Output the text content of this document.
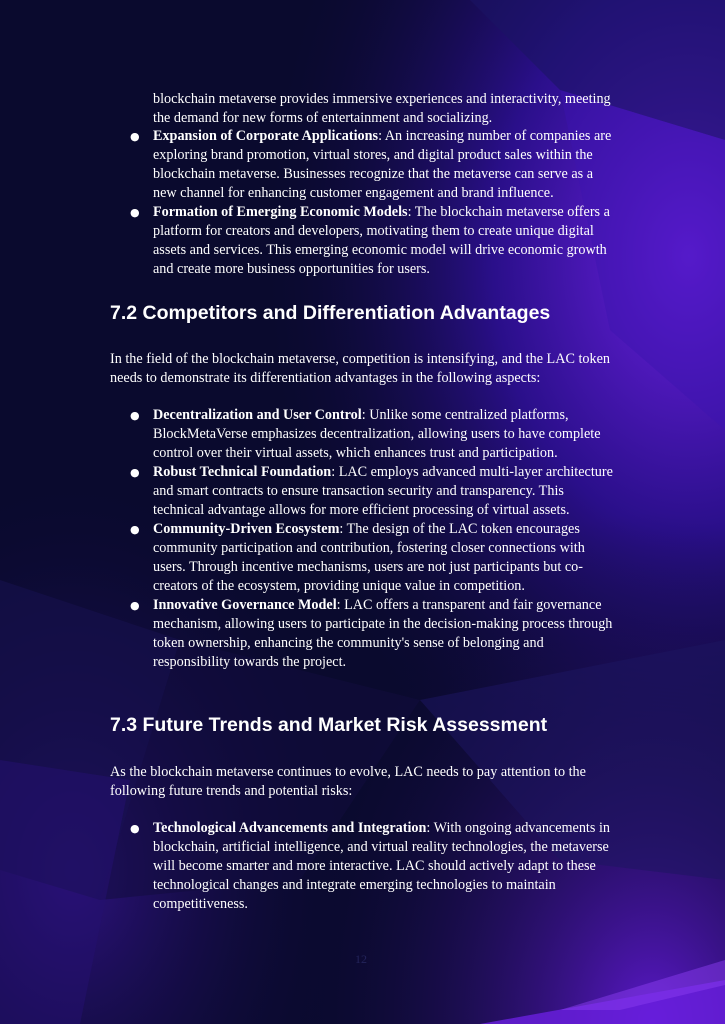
blockchain metaverse provides immersive experiences and interactivity, meeting the demand for new forms of entertainment and socializing.
● Expansion of Corporate Applications: An increasing number of companies are exploring brand promotion, virtual stores, and digital product sales within the blockchain metaverse. Businesses recognize that the metaverse can serve as a new channel for enhancing customer engagement and brand influence.
● Formation of Emerging Economic Models: The blockchain metaverse offers a platform for creators and developers, motivating them to create unique digital assets and services. This emerging economic model will drive economic growth and create more business opportunities for users.
7.2 Competitors and Differentiation Advantages
In the field of the blockchain metaverse, competition is intensifying, and the LAC token needs to demonstrate its differentiation advantages in the following aspects:
● Decentralization and User Control: Unlike some centralized platforms, BlockMetaVerse emphasizes decentralization, allowing users to have complete control over their virtual assets, which enhances trust and participation.
● Robust Technical Foundation: LAC employs advanced multi-layer architecture and smart contracts to ensure transaction security and transparency. This technical advantage allows for more efficient processing of virtual assets.
● Community-Driven Ecosystem: The design of the LAC token encourages community participation and contribution, fostering closer connections with users. Through incentive mechanisms, users are not just participants but co-creators of the ecosystem, providing unique value in competition.
● Innovative Governance Model: LAC offers a transparent and fair governance mechanism, allowing users to participate in the decision-making process through token ownership, enhancing the community's sense of belonging and responsibility towards the project.
7.3 Future Trends and Market Risk Assessment
As the blockchain metaverse continues to evolve, LAC needs to pay attention to the following future trends and potential risks:
● Technological Advancements and Integration: With ongoing advancements in blockchain, artificial intelligence, and virtual reality technologies, the metaverse will become smarter and more interactive. LAC should actively adapt to these technological changes and integrate emerging technologies to maintain competitiveness.
12
